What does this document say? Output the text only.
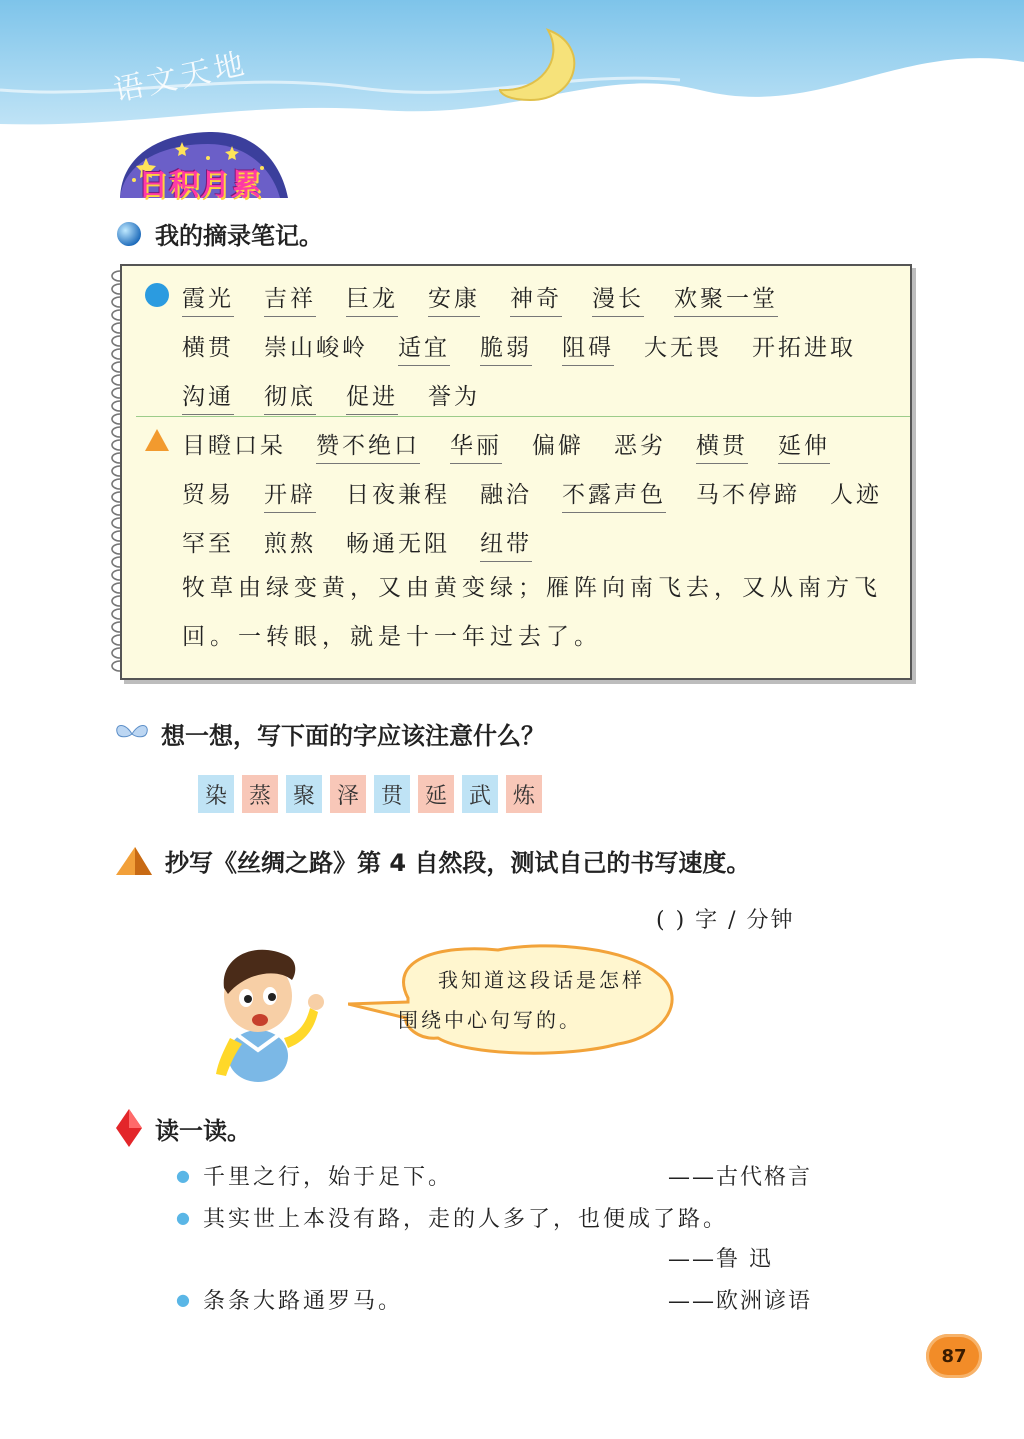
语文天地
日积月累
我的摘录笔记。
霞光 吉祥 巨龙 安康 神奇 漫长 欢聚一堂
横贯 崇山峻岭 适宜 脆弱 阻碍 大无畏 开拓进取
沟通 彻底 促进 誉为
目瞪口呆 赞不绝口 华丽 偏僻 恶劣 横贯 延伸
贸易 开辟 日夜兼程 融洽 不露声色 马不停蹄 人迹
罕至 煎熬 畅通无阻 纽带
牧草由绿变黄，又由黄变绿；雁阵向南飞去，又从南方飞回。一转眼，就是十一年过去了。
想一想，写下面的字应该注意什么？
染 蒸 聚 泽 贯 延 武 炼
抄写《丝绸之路》第 4 自然段，测试自己的书写速度。
( ) 字 / 分钟
我知道这段话是怎样围绕中心句写的。
读一读。
● 千里之行，始于足下。	——古代格言
● 其实世上本没有路，走的人多了，也便成了路。
——鲁 迅
● 条条大路通罗马。	——欧洲谚语
87
